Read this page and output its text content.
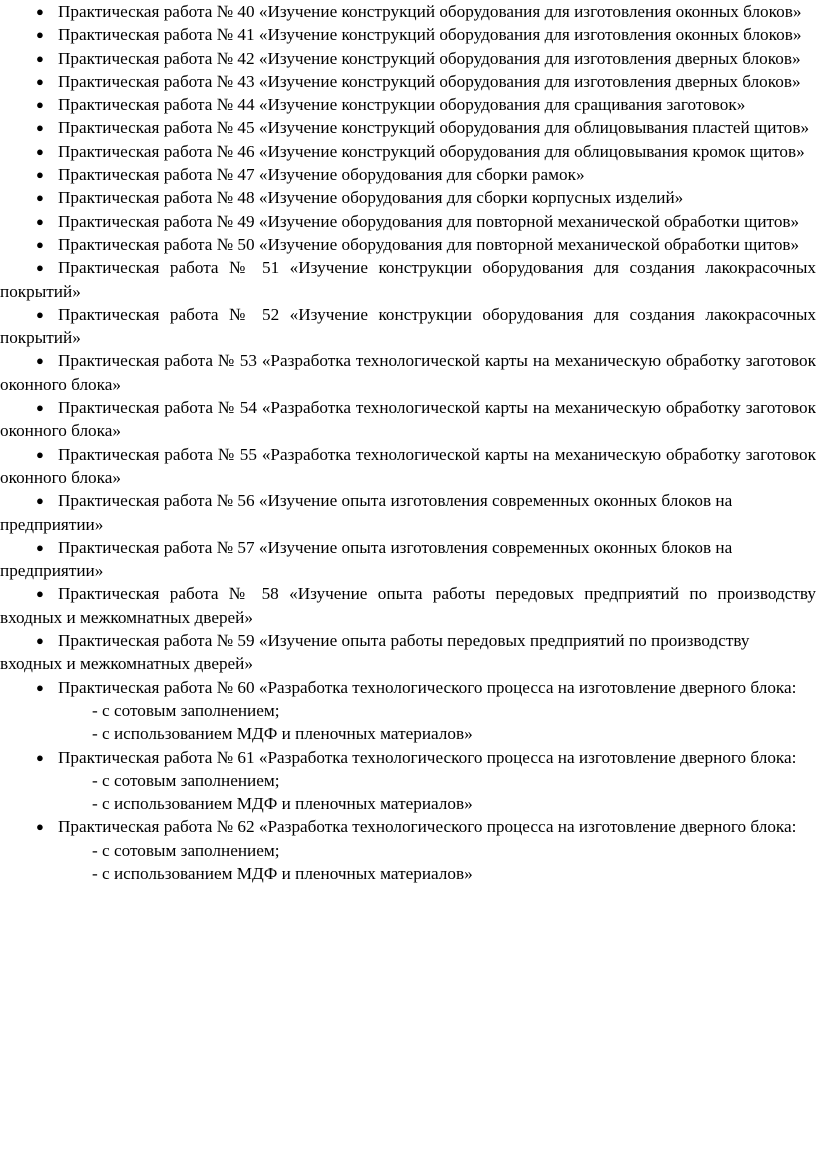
● Практическая работа № 40 «Изучение конструкций оборудования для изготовления оконных блоков»
● Практическая работа № 41 «Изучение конструкций оборудования для изготовления оконных блоков»
● Практическая работа № 42 «Изучение конструкций оборудования для изготовления дверных блоков»
● Практическая работа № 43 «Изучение конструкций оборудования для изготовления дверных блоков»
● Практическая работа № 44 «Изучение конструкции оборудования для сращивания заготовок»
● Практическая работа № 45 «Изучение конструкций оборудования для облицовывания пластей щитов»
● Практическая работа № 46 «Изучение конструкций оборудования для облицовывания кромок щитов»
● Практическая работа № 47 «Изучение оборудования для сборки рамок»
● Практическая работа № 48 «Изучение оборудования для сборки корпусных изделий»
● Практическая работа № 49 «Изучение оборудования для повторной механической обработки щитов»
● Практическая работа № 50 «Изучение оборудования для повторной механической обработки щитов»
● Практическая работа № 51 «Изучение конструкции оборудования для создания лакокрасочных покрытий»
● Практическая работа № 52 «Изучение конструкции оборудования для создания лакокрасочных покрытий»
● Практическая работа № 53 «Разработка технологической карты на механическую обработку заготовок оконного блока»
● Практическая работа № 54 «Разработка технологической карты на механическую обработку заготовок оконного блока»
● Практическая работа № 55 «Разработка технологической карты на механическую обработку заготовок оконного блока»
● Практическая работа № 56 «Изучение опыта изготовления современных оконных блоков на предприятии»
● Практическая работа № 57 «Изучение опыта изготовления современных оконных блоков на предприятии»
● Практическая работа № 58 «Изучение опыта работы передовых предприятий по производству входных и межкомнатных дверей»
● Практическая работа № 59 «Изучение опыта работы передовых предприятий по производству входных и межкомнатных дверей»
● Практическая работа № 60 «Разработка технологического процесса на изготовление дверного блока:
- с сотовым заполнением;
- с использованием МДФ и пленочных материалов»
● Практическая работа № 61 «Разработка технологического процесса на изготовление дверного блока:
- с сотовым заполнением;
- с использованием МДФ и пленочных материалов»
● Практическая работа № 62 «Разработка технологического процесса на изготовление дверного блока:
- с сотовым заполнением;
- с использованием МДФ и пленочных материалов»
